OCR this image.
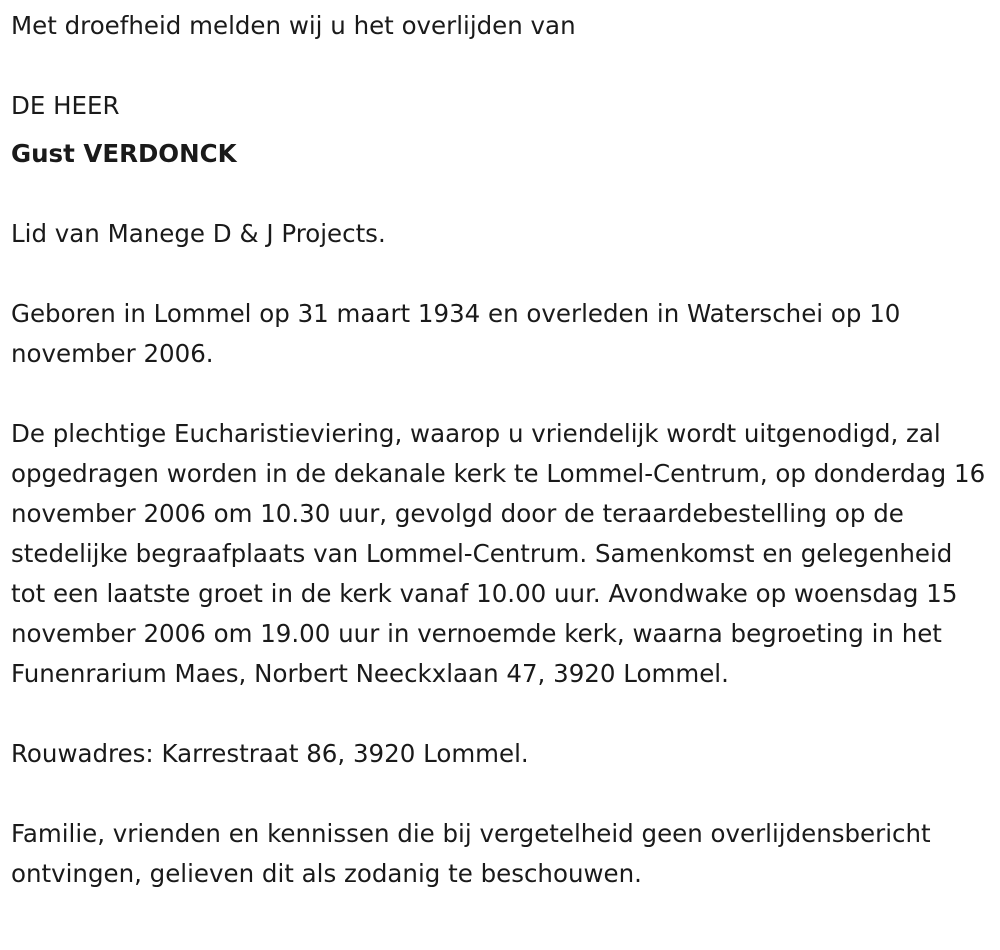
Met droefheid melden wij u het overlijden van

DE HEER

Gust VERDONCK

Lid van Manege D & J Projects.

Geboren in Lommel op 31 maart 1934 en overleden in Waterschei op 10 november 2006.

De plechtige Eucharistieviering, waarop u vriendelijk wordt uitgenodigd, zal opgedragen worden in de dekanale kerk te Lommel-Centrum, op donderdag 16 november 2006 om 10.30 uur, gevolgd door de teraardebestelling op de stedelijke begraafplaats van Lommel-Centrum. Samenkomst en gelegenheid tot een laatste groet in de kerk vanaf 10.00 uur. Avondwake op woensdag 15 november 2006 om 19.00 uur in vernoemde kerk, waarna begroeting in het Funenrarium Maes, Norbert Neeckxlaan 47, 3920 Lommel.

Rouwadres: Karrestraat 86, 3920 Lommel.

Familie, vrienden en kennissen die bij vergetelheid geen overlijdensbericht ontvingen, gelieven dit als zodanig te beschouwen.
